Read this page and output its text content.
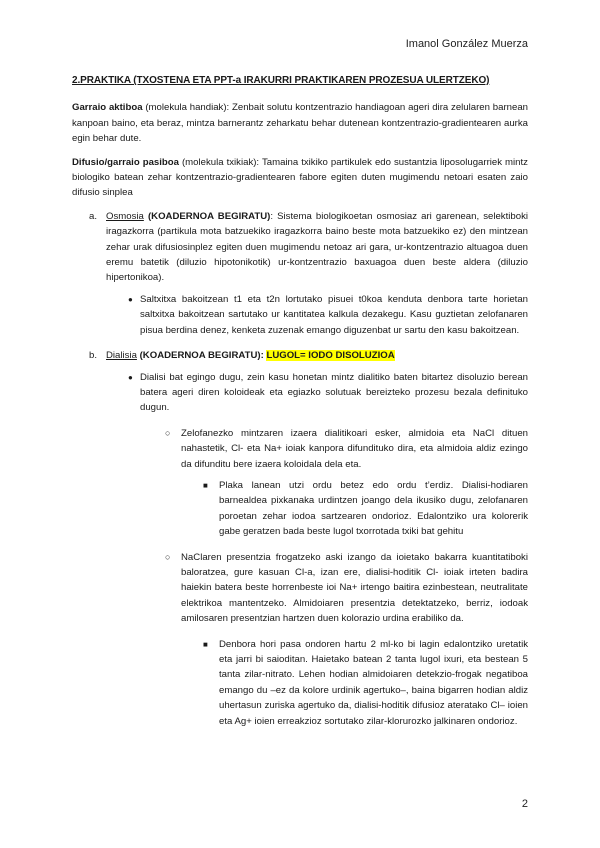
Imanol González Muerza
2.PRAKTIKA (TXOSTENA ETA PPT-a IRAKURRI PRAKTIKAREN PROZESUA ULERTZEKO)

Garraio aktiboa (molekula handiak): Zenbait solutu kontzentrazio handiagoan ageri dira zelularen barnean kanpoan baino, eta beraz, mintza barnerantz zeharkatu behar dutenean kontzentrazio-gradientearen aurka egin behar dute.

Difusio/garraio pasiboa (molekula txikiak): Tamaina txikiko partikulek edo sustantzia liposolugarriek mintz biologiko batean zehar kontzentrazio-gradientearen fabore egiten duten mugimendu netoari esaten zaio difusio sinplea

a. Osmosia (KOADERNOA BEGIRATU): Sistema biologikoetan osmosiaz ari garenean, selektiboki iragazkorra (partikula mota batzuekiko iragazkorra baino beste mota batzuekiko ez) den mintzean zehar urak difusiosinplez egiten duen mugimendu netoaz ari gara, ur-kontzentrazio altuagoa duen eremu batetik (diluzio hipotonikotik) ur-kontzentrazio baxuagoa duen beste aldera (diluzio hipertonikoa).
● Saltxitxa bakoitzean t1 eta t2n lortutako pisuei t0koa kenduta denbora tarte horietan saltxitxa bakoitzean sartutako ur kantitatea kalkula dezakegu. Kasu guztietan zelofanaren pisua berdina denez, kenketa zuzenak emango diguzenbat ur sartu den kasu bakoitzean.
b. Dialisia (KOADERNOA BEGIRATU): LUGOL= IODO DISOLUZIOA
● Dialisi bat egingo dugu, zein kasu honetan mintz dialitiko baten bitartez disoluzio berean batera ageri diren koloideak eta egiazko solutuak bereizteko prozesu bezala definituko dugun.
○ Zelofanezko mintzaren izaera dialitikoari esker, almidoia eta NaCl dituen nahastetik, Cl- eta Na+ ioiak kanpora difundituko dira, eta almidoia aldiz ezingo da difunditu bere izaera koloidala dela eta.
■ Plaka lanean utzi ordu betez edo ordu t’erdiz. Dialisi-hodiaren barnealdea pixkanaka urdintzen joango dela ikusiko dugu, zelofanaren poroetan zehar iodoa sartzearen ondorioz. Edalontziko ura kolorerik gabe geratzen bada beste lugol txorrotada txiki bat gehitu
○ NaClaren presentzia frogatzeko aski izango da ioietako bakarra kuantitatiboki baloratzea, gure kasuan Cl-a, izan ere, dialisi-hoditik Cl- ioiak irteten badira haiekin batera beste horrenbeste ioi Na+ irtengo baitira ezinbestean, neutralitate elektrikoa mantentzeko. Almidoiaren presentzia detektatzeko, berriz, iodoak amilosaren presentzian hartzen duen kolorazio urdina erabiliko da.
■ Denbora hori pasa ondoren hartu 2 ml-ko bi lagin edalontziko uretatik eta jarri bi saioditan. Haietako batean 2 tanta lugol ixuri, eta bestean 5 tanta zilar-nitrato. Lehen hodian almidoiaren detekzio-frogak negatiboa emango du –ez da kolore urdinik agertuko–, baina bigarren hodian aldiz uhertasun zuriska agertuko da, dialisi-hoditik difusioz ateratako Cl– ioien eta Ag+ ioien erreakzioz sortutako zilar-klorurozko jalkinaren ondorioz.
2
